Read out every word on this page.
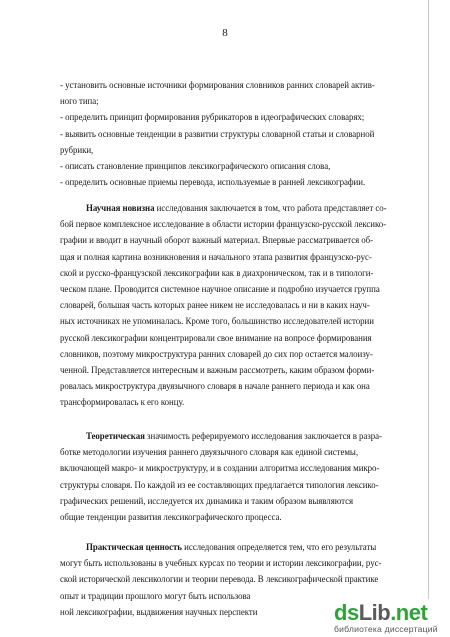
8
- установить основные источники формирования словников ранних словарей актив-
ного типа;
- определить принцип формирования рубрикаторов в идеографических словарях;
- выявить основные тенденции в развитии структуры словарной статьи и словарной
рубрики,
- описать становление принципов лексикографического описания слова,
- определить основные приемы перевода, используемые в ранней лексикографии.
Научная новизна исследования заключается в том, что работа представляет со-
бой первое комплексное исследование в области истории французско-русской лексико-
графии и вводит в научный оборот важный материал. Впервые рассматривается об-
щая и полная картина возникновения и начального этапа развития французско-рус-
ской и русско-французской лексикографии как в диахроническом, так и в типологи-
ческом плане. Проводится системное научное описание и подробно изучается группа
словарей, большая часть которых ранее никем не исследовалась и ни в каких науч-
ных источниках не упоминалась. Кроме того, большинство исследователей истории
русской лексикографии концентрировали свое внимание на вопросе формирования
словников, поэтому микроструктура ранних словарей до сих пор остается малоизу-
ченной. Представляется интересным и важным рассмотреть, каким образом форми-
ровалась микроструктура двуязычного словаря в начале раннего периода и как она
трансформировалась к его концу.
Теоретическая значимость реферируемого исследования заключается в разра-
ботке методологии изучения раннего двуязычного словаря как единой системы,
включающей макро- и микроструктуру, и в создании алгоритма исследования микро-
структуры словаря. По каждой из ее составляющих предлагается типология лексико-
графических решений, исследуется их динамика и таким образом выявляются
общие тенденции развития лексикографического процесса.
Практическая ценность исследования определяется тем, что его результаты
могут быть использованы в учебных курсах по теории и истории лексикографии, рус-
ской исторической лексикологии и теории перевода. В лексикографической практике
опыт и традиции прошлого могут быть использова
ной лексикографии, выдвижения научных перспекти	dsLib.net
библиотека диссертаций
